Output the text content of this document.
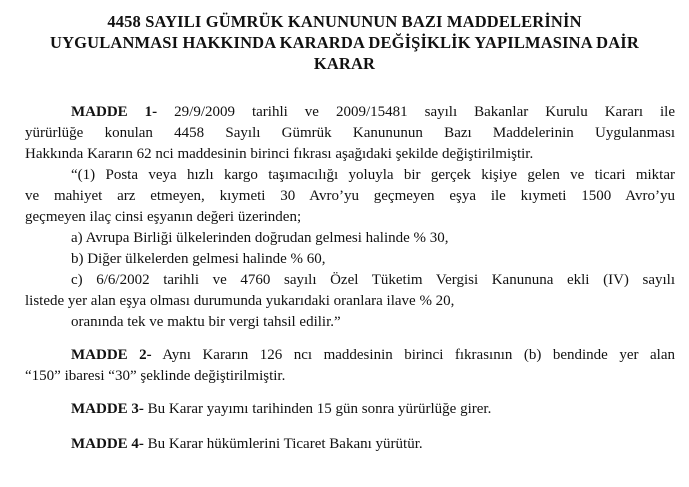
4458 SAYILI GÜMRÜK KANUNUNUN BAZI MADDELERİNİN
UYGULANMASI HAKKINDA KARARDA DEĞİŞİKLİK YAPILMASINA DAİR
KARAR
MADDE 1- 29/9/2009 tarihli ve 2009/15481 sayılı Bakanlar Kurulu Kararı ile
yürürlüğe konulan 4458 Sayılı Gümrük Kanununun Bazı Maddelerinin Uygulanması
Hakkında Kararın 62 nci maddesinin birinci fıkrası aşağıdaki şekilde değiştirilmiştir.
“(1) Posta veya hızlı kargo taşımacılığı yoluyla bir gerçek kişiye gelen ve ticari miktar
ve mahiyet arz etmeyen, kıymeti 30 Avro’yu geçmeyen eşya ile kıymeti 1500 Avro’yu
geçmeyen ilaç cinsi eşyanın değeri üzerinden;
a) Avrupa Birliği ülkelerinden doğrudan gelmesi halinde % 30,
b) Diğer ülkelerden gelmesi halinde % 60,
c) 6/6/2002 tarihli ve 4760 sayılı Özel Tüketim Vergisi Kanununa ekli (IV) sayılı
listede yer alan eşya olması durumunda yukarıdaki oranlara ilave % 20,
oranında tek ve maktu bir vergi tahsil edilir.”
MADDE 2- Aynı Kararın 126 ncı maddesinin birinci fıkrasının (b) bendinde yer alan
“150” ibaresi “30” şeklinde değiştirilmiştir.
MADDE 3- Bu Karar yayımı tarihinden 15 gün sonra yürürlüğe girer.
MADDE 4- Bu Karar hükümlerini Ticaret Bakanı yürütür.
